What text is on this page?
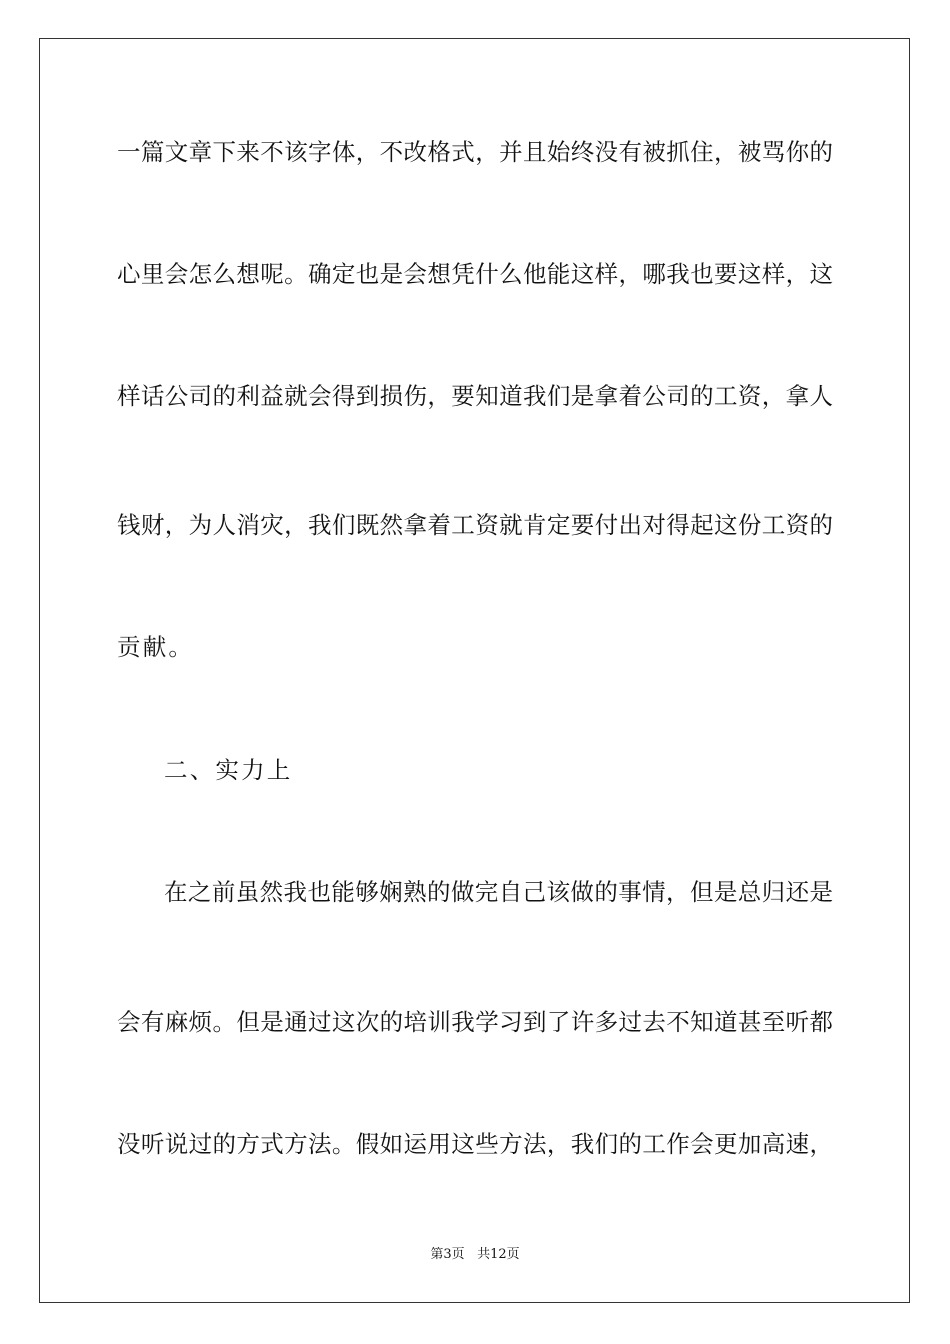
一篇文章下来不该字体，不改格式，并且始终没有被抓住，被骂你的
心里会怎么想呢。确定也是会想凭什么他能这样，哪我也要这样，这
样话公司的利益就会得到损伤，要知道我们是拿着公司的工资，拿人
钱财，为人消灾，我们既然拿着工资就肯定要付出对得起这份工资的
贡献。
二、实力上
在之前虽然我也能够娴熟的做完自己该做的事情，但是总归还是
会有麻烦。但是通过这次的培训我学习到了许多过去不知道甚至听都
没听说过的方式方法。假如运用这些方法，我们的工作会更加高速，
第3页 共12页
